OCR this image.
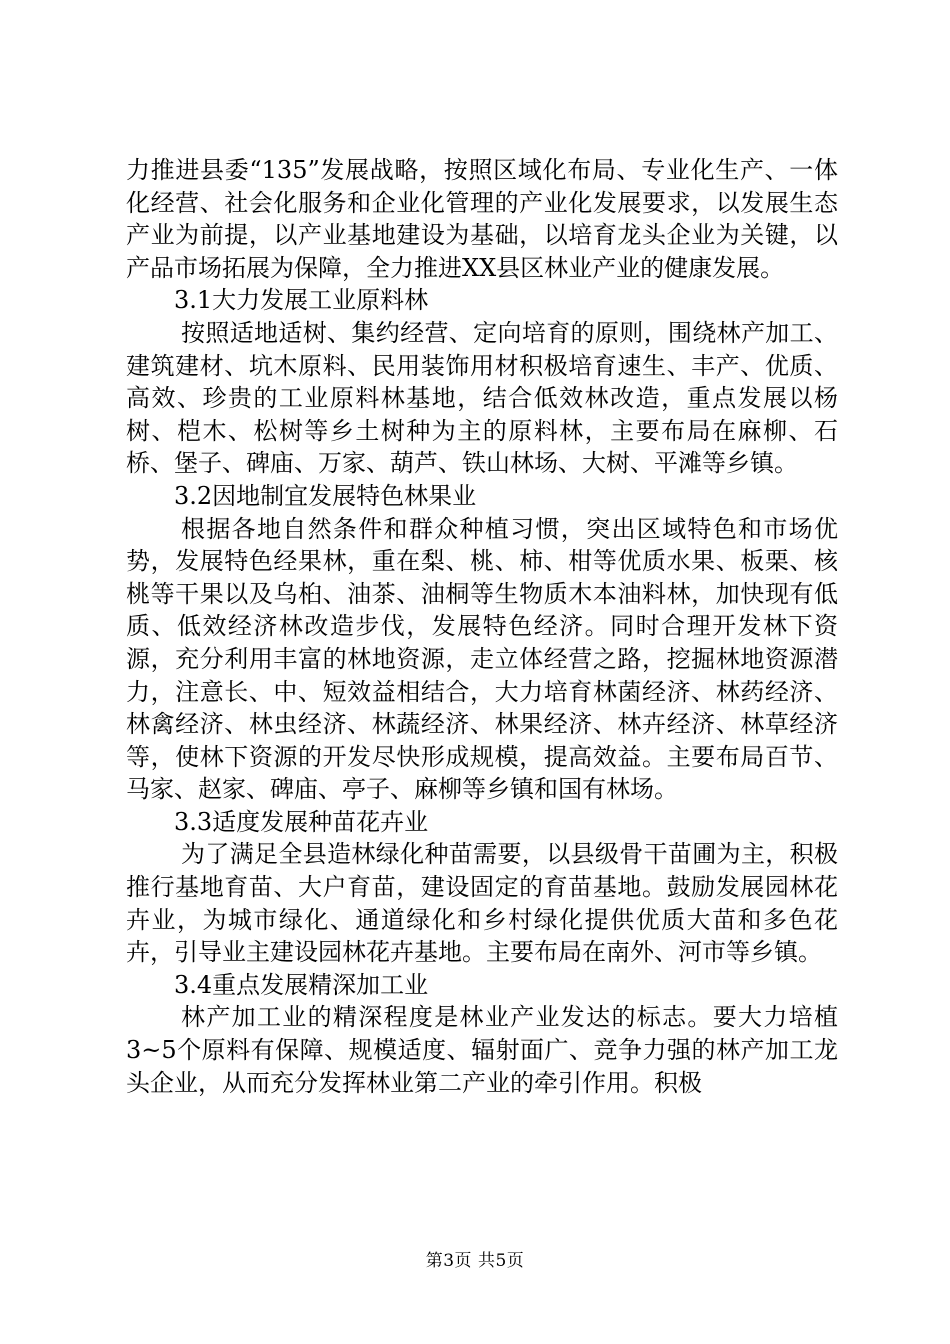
力推进县委“135”发展战略，按照区域化布局、专业化生产、一体化经营、社会化服务和企业化管理的产业化发展要求，以发展生态产业为前提，以产业基地建设为基础，以培育龙头企业为关键，以产品市场拓展为保障，全力推进XX县区林业产业的健康发展。

3.1大力发展工业原料林

按照适地适树、集约经营、定向培育的原则，围绕林产加工、建筑建材、坑木原料、民用装饰用材积极培育速生、丰产、优质、高效、珍贵的工业原料林基地，结合低效林改造，重点发展以杨树、桤木、松树等乡土树种为主的原料林，主要布局在麻柳、石桥、堡子、碑庙、万家、葫芦、铁山林场、大树、平滩等乡镇。

3.2因地制宜发展特色林果业

根据各地自然条件和群众种植习惯，突出区域特色和市场优势，发展特色经果林，重在梨、桃、柿、柑等优质水果、板栗、核桃等干果以及乌桕、油茶、油桐等生物质木本油料林，加快现有低质、低效经济林改造步伐，发展特色经济。同时合理开发林下资源，充分利用丰富的林地资源，走立体经营之路，挖掘林地资源潜力，注意长、中、短效益相结合，大力培育林菌经济、林药经济、林禽经济、林虫经济、林蔬经济、林果经济、林卉经济、林草经济等，使林下资源的开发尽快形成规模，提高效益。主要布局百节、马家、赵家、碑庙、亭子、麻柳等乡镇和国有林场。

3.3适度发展种苗花卉业

为了满足全县造林绿化种苗需要，以县级骨干苗圃为主，积极推行基地育苗、大户育苗，建设固定的育苗基地。鼓励发展园林花卉业，为城市绿化、通道绿化和乡村绿化提供优质大苗和多色花卉，引导业主建设园林花卉基地。主要布局在南外、河市等乡镇。

3.4重点发展精深加工业

林产加工业的精深程度是林业产业发达的标志。要大力培植3~5个原料有保障、规模适度、辐射面广、竞争力强的林产加工龙头企业，从而充分发挥林业第二产业的牵引作用。积极

第3页 共5页
